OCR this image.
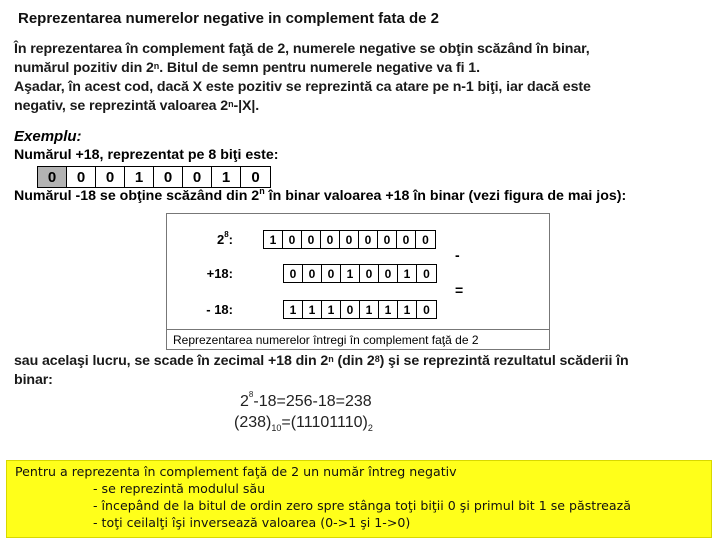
Reprezentarea numerelor negative in complement fata de 2
În reprezentarea în complement faţă de 2, numerele negative se obţin scăzând în binar,
numărul pozitiv din 2$^n$. Bitul de semn pentru numerele negative va fi 1.
Aşadar, în acest cod, dacă X este pozitiv se reprezintă ca atare pe n-1 biţi, iar dacă este
negativ, se reprezintă valoarea 2$^n$-|X|.
Exemplu:
Numărul +18, reprezentat pe 8 biţi este:
0	0	0	1	0	0	1	0
Numărul -18 se obţine scăzând din 2$^n$ în binar valoarea +18 în binar (vezi figura de mai jos):
$2^8$:	1	0	0	0	0	0	0	0	0
-
+18:	0	0	0	1	0	0	1	0
=
- 18:	1	1	1	0	1	1	1	0
Reprezentarea numerelor întregi în complement faţă de 2
sau acelaşi lucru, se scade în zecimal +18 din 2$^n$ (din $2^8$) şi se reprezintă rezultatul scăderii în
binar:
$2^8-18=256-18=238$
$(238)_{10}=(11101110)_2$
Pentru a reprezenta în complement faţă de 2 un număr întreg negativ
- se reprezintă modulul său
- începând de la bitul de ordin zero spre stânga toţi biţii 0 şi primul bit 1 se păstrează
- toţi ceilalţi îşi inversează valoarea (0->1 şi 1->0)
